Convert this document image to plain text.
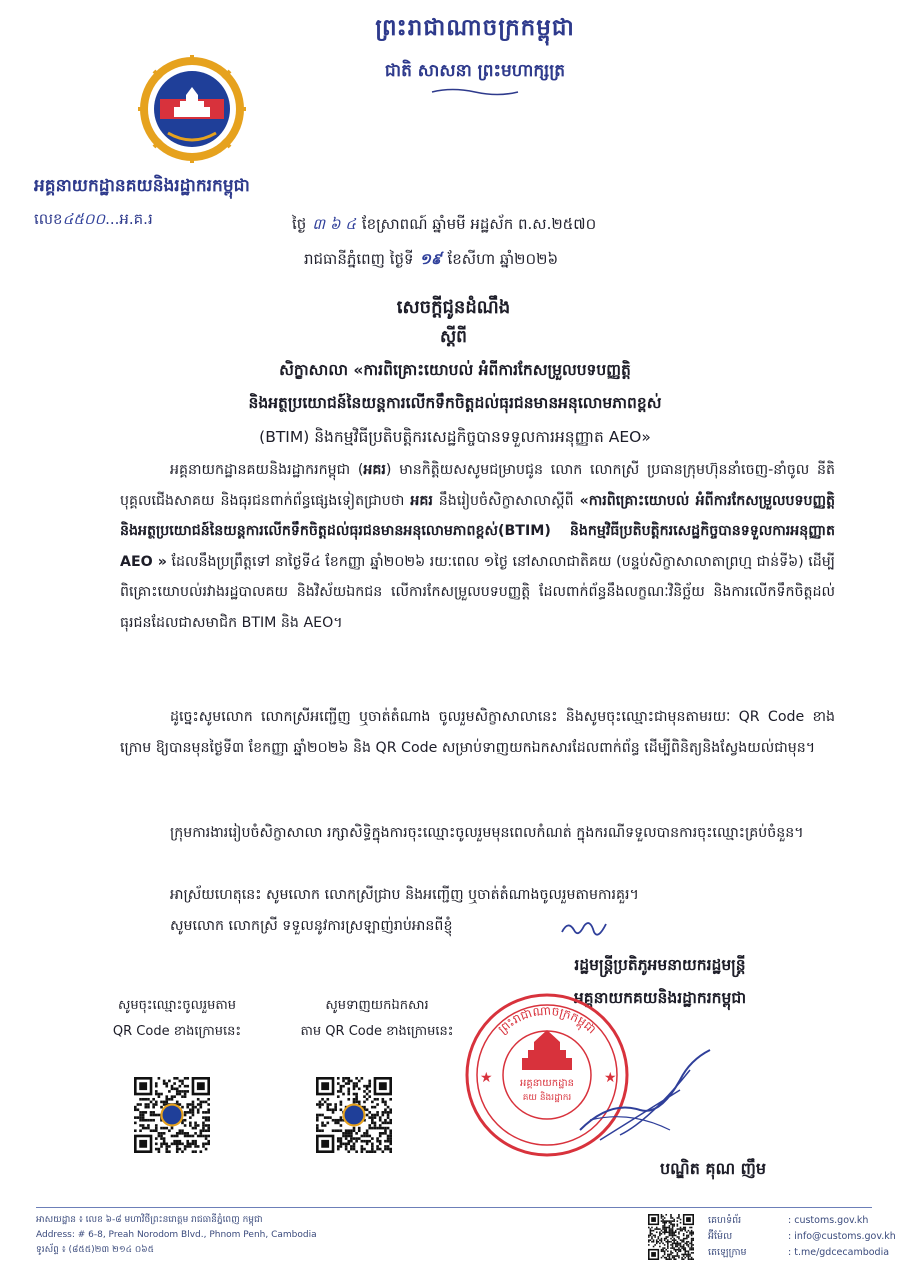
ព្រះរាជាណាចក្រកម្ពុជា
ជាតិ សាសនា ព្រះមហាក្សត្រ
អគ្គនាយកដ្ឋានគយនិងរដ្ឋាករកម្ពុជា
លេខ៤៥០០...អ.គ.រ	ថ្ងៃ ៣ ៦ ៤ ខែស្រាពណ៍ ឆ្នាំមមី អដ្ឋស័ក ព.ស.២៥៧០
រាជធានីភ្នំពេញ ថ្ងៃទី ១៩ ខែសីហា ឆ្នាំ២០២៦
សេចក្ដីជូនដំណឹង
ស្ដីពី
សិក្ខាសាលា «ការពិគ្រោះយោបល់ អំពីការកែសម្រួលបទបញ្ញត្តិ
និងអត្ថប្រយោជន៍នៃយន្តការលើកទឹកចិត្តដល់ធុរជនមានអនុលោមភាពខ្ពស់
(BTIM) និងកម្មវិធីប្រតិបត្តិករសេដ្ឋកិច្ចបានទទួលការអនុញ្ញាត AEO»
អគ្គនាយកដ្ឋានគយនិងរដ្ឋាករកម្ពុជា (អគរ) មានកិត្តិយសសូមជម្រាបជូន លោក លោកស្រី ប្រធានក្រុមហ៊ុននាំចេញ-នាំចូល នីតិបុគ្គលជើងសាគយ និងធុរជនពាក់ព័ន្ធផ្សេងទៀតជ្រាបថា អគរ នឹងរៀបចំសិក្ខាសាលាស្ដីពី «ការពិគ្រោះយោបល់ អំពីការកែសម្រួលបទបញ្ញត្តិ និងអត្ថប្រយោជន៍នៃយន្តការលើកទឹកចិត្តដល់ធុរជនមានអនុលោមភាពខ្ពស់(BTIM) និងកម្មវិធីប្រតិបត្តិករសេដ្ឋកិច្ចបានទទួលការអនុញ្ញាត AEO » ដែលនឹងប្រព្រឹត្តទៅ នាថ្ងៃទី៤ ខែកញ្ញា ឆ្នាំ២០២៦ រយៈពេល ១ថ្ងៃ នៅសាលាជាតិគយ (បន្ទប់សិក្ខាសាលាតាព្រហ្ម ជាន់ទី៦) ដើម្បីពិគ្រោះយោបល់រវាងរដ្ឋបាលគយ និងវិស័យឯកជន លើការកែសម្រួលបទបញ្ញត្តិ ដែលពាក់ព័ន្ធនឹងលក្ខណៈវិនិច្ឆ័យ និងការលើកទឹកចិត្តដល់ធុរជនដែលជាសមាជិក BTIM និង AEO។
ដូច្នេះសូមលោក លោកស្រីអញ្ជើញ ឬចាត់តំណាង ចូលរួមសិក្ខាសាលានេះ និងសូមចុះឈ្មោះជាមុនតាមរយៈ QR Code ខាងក្រោម ឱ្យបានមុនថ្ងៃទី៣ ខែកញ្ញា ឆ្នាំ២០២៦ និង QR Code សម្រាប់ទាញយកឯកសារដែលពាក់ព័ន្ធ ដើម្បីពិនិត្យនិងស្វែងយល់ជាមុន។
ក្រុមការងាររៀបចំសិក្ខាសាលា រក្សាសិទ្ធិក្នុងការចុះឈ្មោះចូលរួមមុនពេលកំណត់ ក្នុងករណីទទួលបានការចុះឈ្មោះគ្រប់ចំនួន។
អាស្រ័យហេតុនេះ សូមលោក លោកស្រីជ្រាប និងអញ្ជើញ ឬចាត់តំណាងចូលរួមតាមការគួរ។
សូមលោក លោកស្រី ទទួលនូវការស្រឡាញ់រាប់អានពីខ្ញុំ
រដ្ឋមន្ត្រីប្រតិភូអមនាយករដ្ឋមន្ត្រី
អគ្គនាយកគយនិងរដ្ឋាករកម្ពុជា
សូមចុះឈ្មោះចូលរួមតាម
QR Code ខាងក្រោមនេះ
សូមទាញយកឯកសារ
តាម QR Code ខាងក្រោមនេះ	ព្រះរាជាណាចក្រកម្ពុជា
អគ្គនាយកដ្ឋាន
គយ និងរដ្ឋាករ
★	★
បណ្ឌិត គុណ ញឹម
អាសយដ្ឋាន ៖ លេខ ៦-៨ មហាវិថីព្រះនរោត្តម រាជធានីភ្នំពេញ កម្ពុជា
Address: # 6-8, Preah Norodom Blvd., Phnom Penh, Cambodia
ទូរស័ព្ទ ៖ (៨៥៥)២៣ ២១៤ ០៦៥
គេហទំព័រ	: customs.gov.kh
អ៊ីម៉ែល	: info@customs.gov.kh
តេឡេក្រាម	: t.me/gdcecambodia
